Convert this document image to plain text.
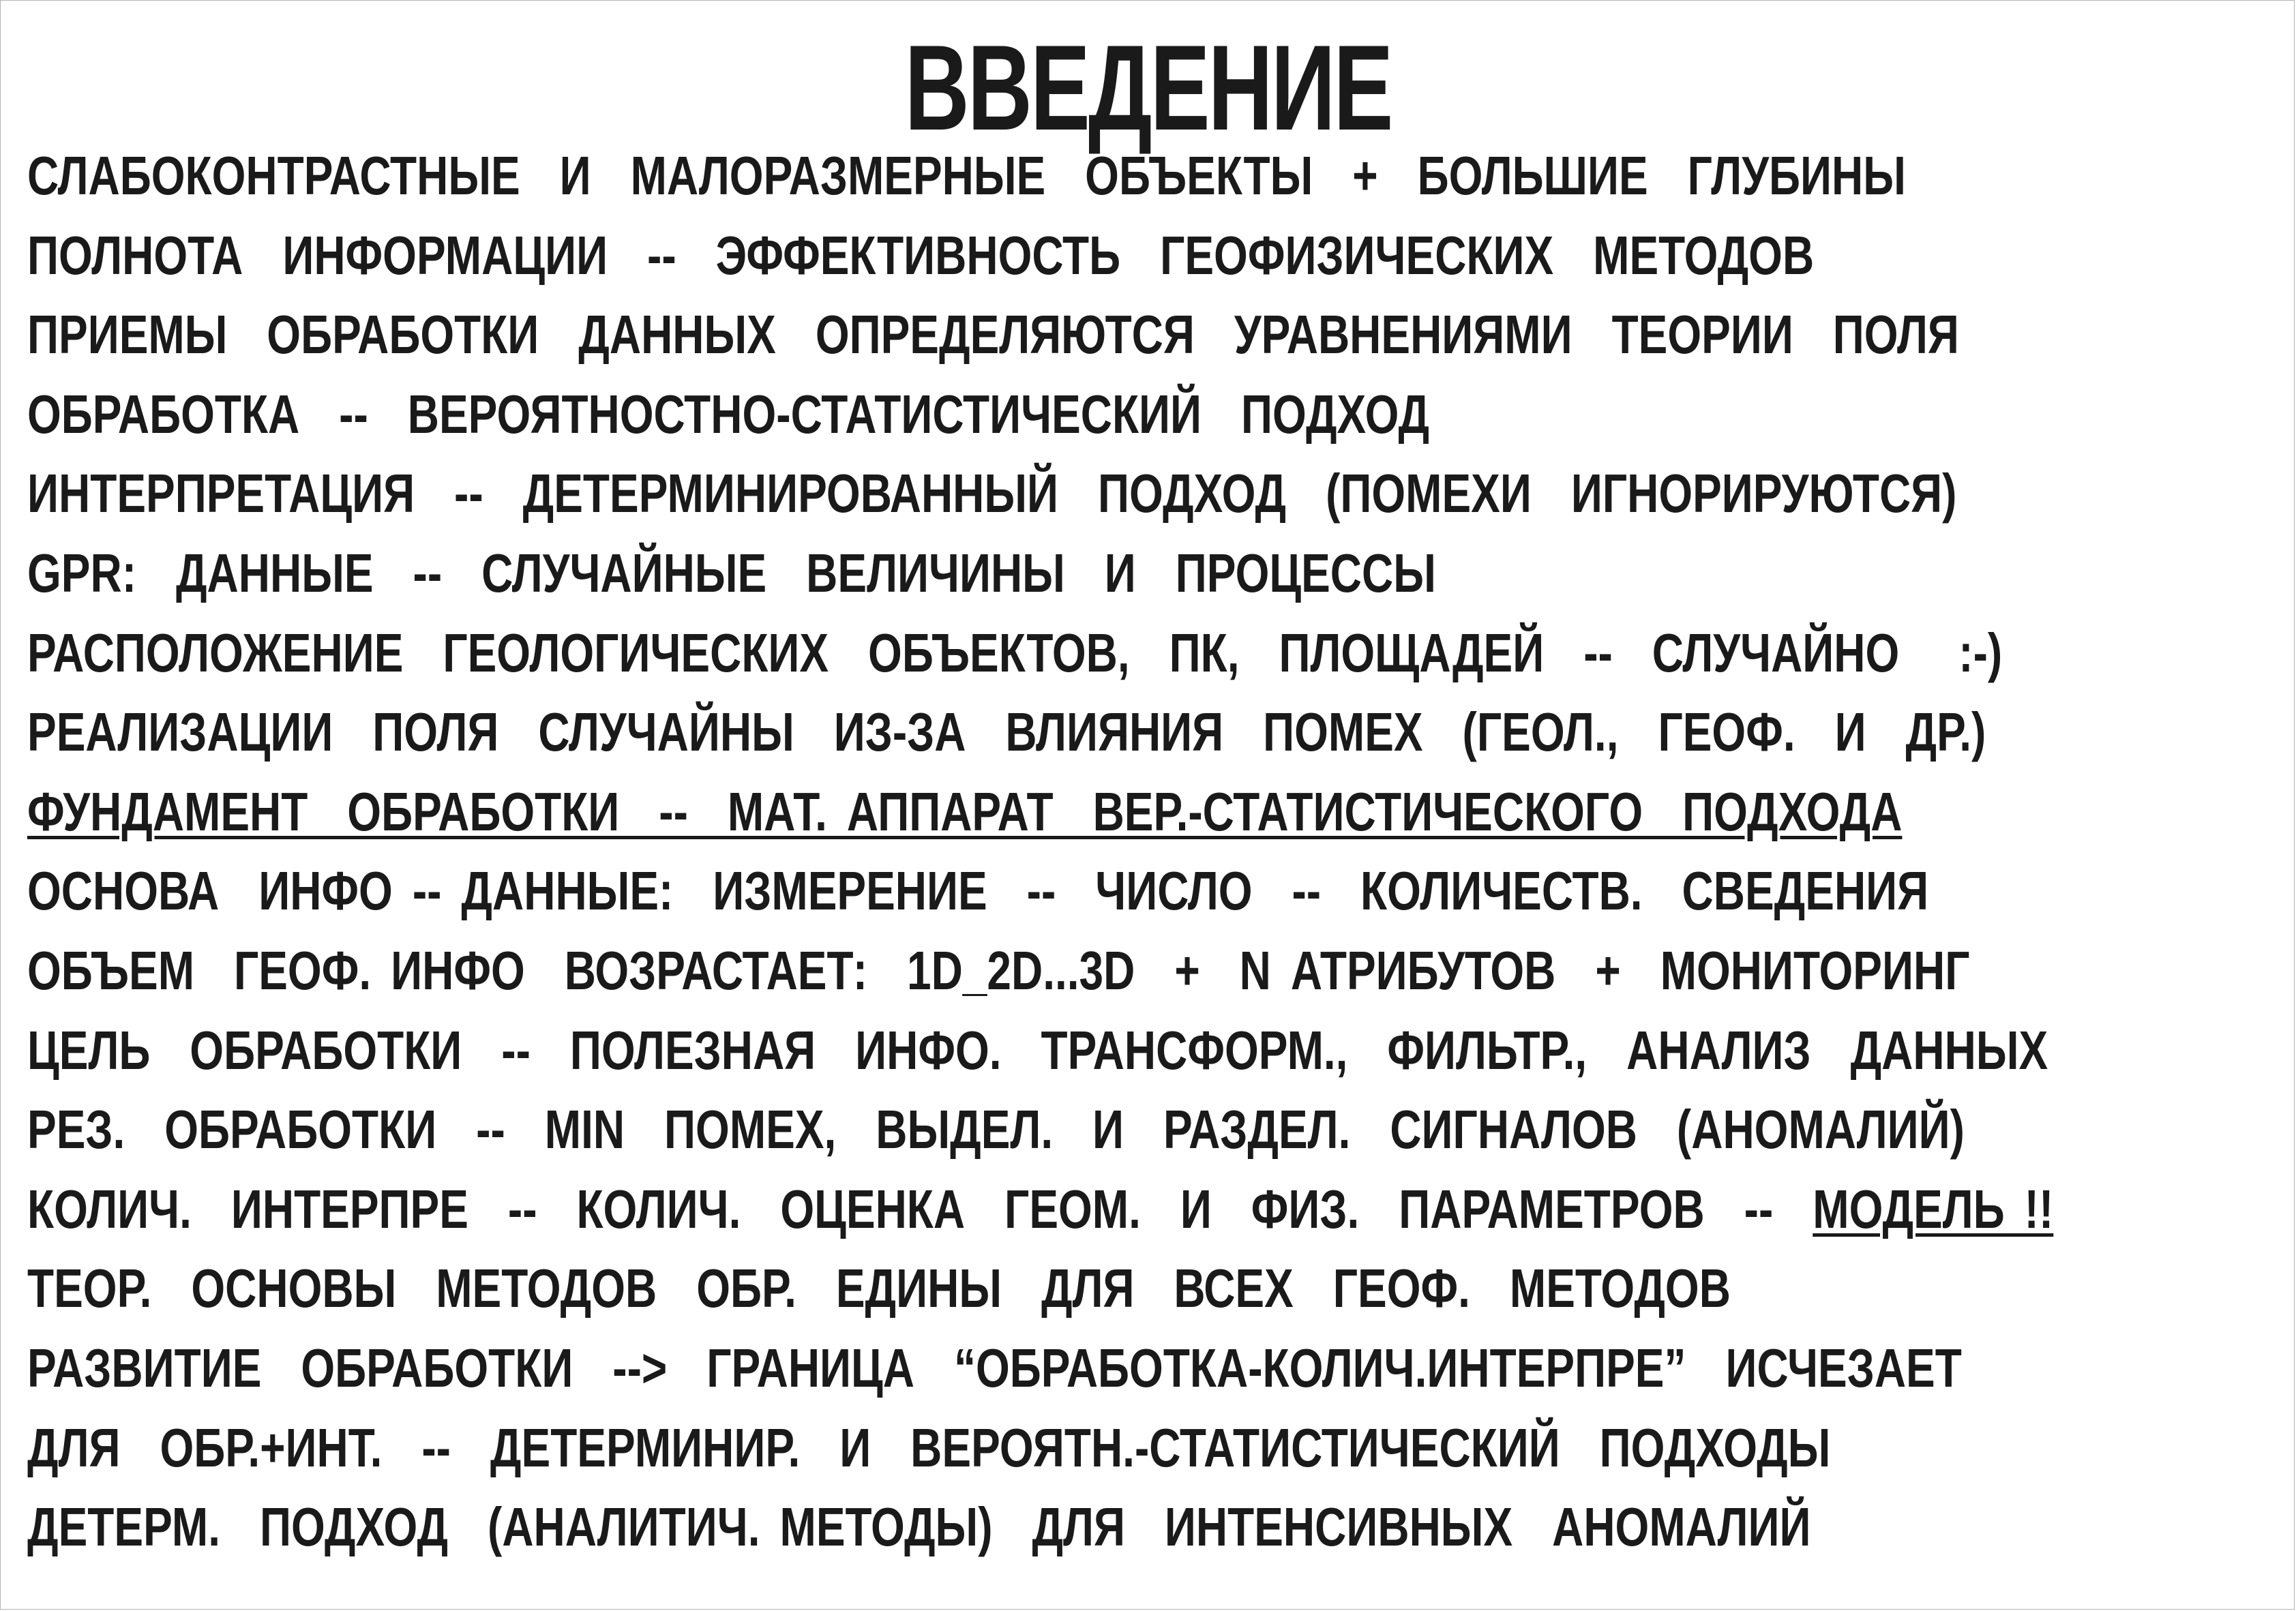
ВВЕДЕНИЕ
СЛАБОКОНТРАСТНЫЕ  И  МАЛОРАЗМЕРНЫЕ  ОБЪЕКТЫ  +  БОЛЬШИЕ  ГЛУБИНЫ
ПОЛНОТА  ИНФОРМАЦИИ  --  ЭФФЕКТИВНОСТЬ  ГЕОФИЗИЧЕСКИХ  МЕТОДОВ
ПРИЕМЫ  ОБРАБОТКИ  ДАННЫХ  ОПРЕДЕЛЯЮТСЯ  УРАВНЕНИЯМИ  ТЕОРИИ  ПОЛЯ
ОБРАБОТКА  --  ВЕРОЯТНОСТНО-СТАТИСТИЧЕСКИЙ  ПОДХОД
ИНТЕРПРЕТАЦИЯ  --  ДЕТЕРМИНИРОВАННЫЙ  ПОДХОД  (ПОМЕХИ  ИГНОРИРУЮТСЯ)
GPR:  ДАННЫЕ  --  СЛУЧАЙНЫЕ  ВЕЛИЧИНЫ  И  ПРОЦЕССЫ
РАСПОЛОЖЕНИЕ  ГЕОЛОГИЧЕСКИХ  ОБЪЕКТОВ,  ПК,  ПЛОЩАДЕЙ  --  СЛУЧАЙНО   :-)
РЕАЛИЗАЦИИ  ПОЛЯ  СЛУЧАЙНЫ  ИЗ-ЗА  ВЛИЯНИЯ  ПОМЕХ  (ГЕОЛ.,  ГЕОФ.  И  ДР.)
ФУНДАМЕНТ  ОБРАБОТКИ  --  МАТ. АППАРАТ  ВЕР.-СТАТИСТИЧЕСКОГО  ПОДХОДА
ОСНОВА  ИНФО -- ДАННЫЕ:  ИЗМЕРЕНИЕ  --  ЧИСЛО  --  КОЛИЧЕСТВ.  СВЕДЕНИЯ
ОБЪЕМ  ГЕОФ. ИНФО  ВОЗРАСТАЕТ:  1D_2D...3D  +  N АТРИБУТОВ  +  МОНИТОРИНГ
ЦЕЛЬ  ОБРАБОТКИ  --  ПОЛЕЗНАЯ  ИНФО.  ТРАНСФОРМ.,  ФИЛЬТР.,  АНАЛИЗ  ДАННЫХ
РЕЗ.  ОБРАБОТКИ  --  MIN  ПОМЕХ,  ВЫДЕЛ.  И  РАЗДЕЛ.  СИГНАЛОВ  (АНОМАЛИЙ)
КОЛИЧ.  ИНТЕРПРЕ  --  КОЛИЧ.  ОЦЕНКА  ГЕОМ.  И  ФИЗ.  ПАРАМЕТРОВ  --  МОДЕЛЬ !!
ТЕОР.  ОСНОВЫ  МЕТОДОВ  ОБР.  ЕДИНЫ  ДЛЯ  ВСЕХ  ГЕОФ.  МЕТОДОВ
РАЗВИТИЕ  ОБРАБОТКИ  -->  ГРАНИЦА  “ОБРАБОТКА-КОЛИЧ.ИНТЕРПРЕ”  ИСЧЕЗАЕТ
ДЛЯ  ОБР.+ИНТ.  --  ДЕТЕРМИНИР.  И  ВЕРОЯТН.-СТАТИСТИЧЕСКИЙ  ПОДХОДЫ
ДЕТЕРМ.  ПОДХОД  (АНАЛИТИЧ. МЕТОДЫ)  ДЛЯ  ИНТЕНСИВНЫХ  АНОМАЛИЙ
